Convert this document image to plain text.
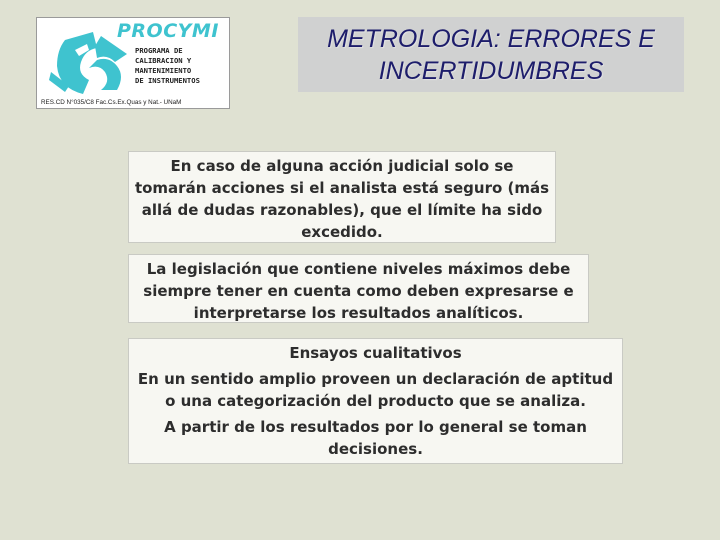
PROCYMI
PROGRAMA DE
CALIBRACION Y
MANTENIMIENTO
DE INSTRUMENTOS
RES.CD N°035/C8 Fac.Cs.Ex.Quas y Nat.- UNaM
METROLOGIA: ERRORES E
INCERTIDUMBRES

En caso de alguna acción judicial solo se

tomarán acciones si el analista está seguro (más

allá de dudas razonables), que el límite ha sido

excedido.

La legislación que contiene niveles máximos debe

siempre tener en cuenta como deben expresarse e

interpretarse los resultados analíticos.

Ensayos cualitativos

En un sentido amplio proveen un declaración de aptitud

o una categorización del producto que se analiza.

A partir de los resultados por lo general se toman

decisiones.
